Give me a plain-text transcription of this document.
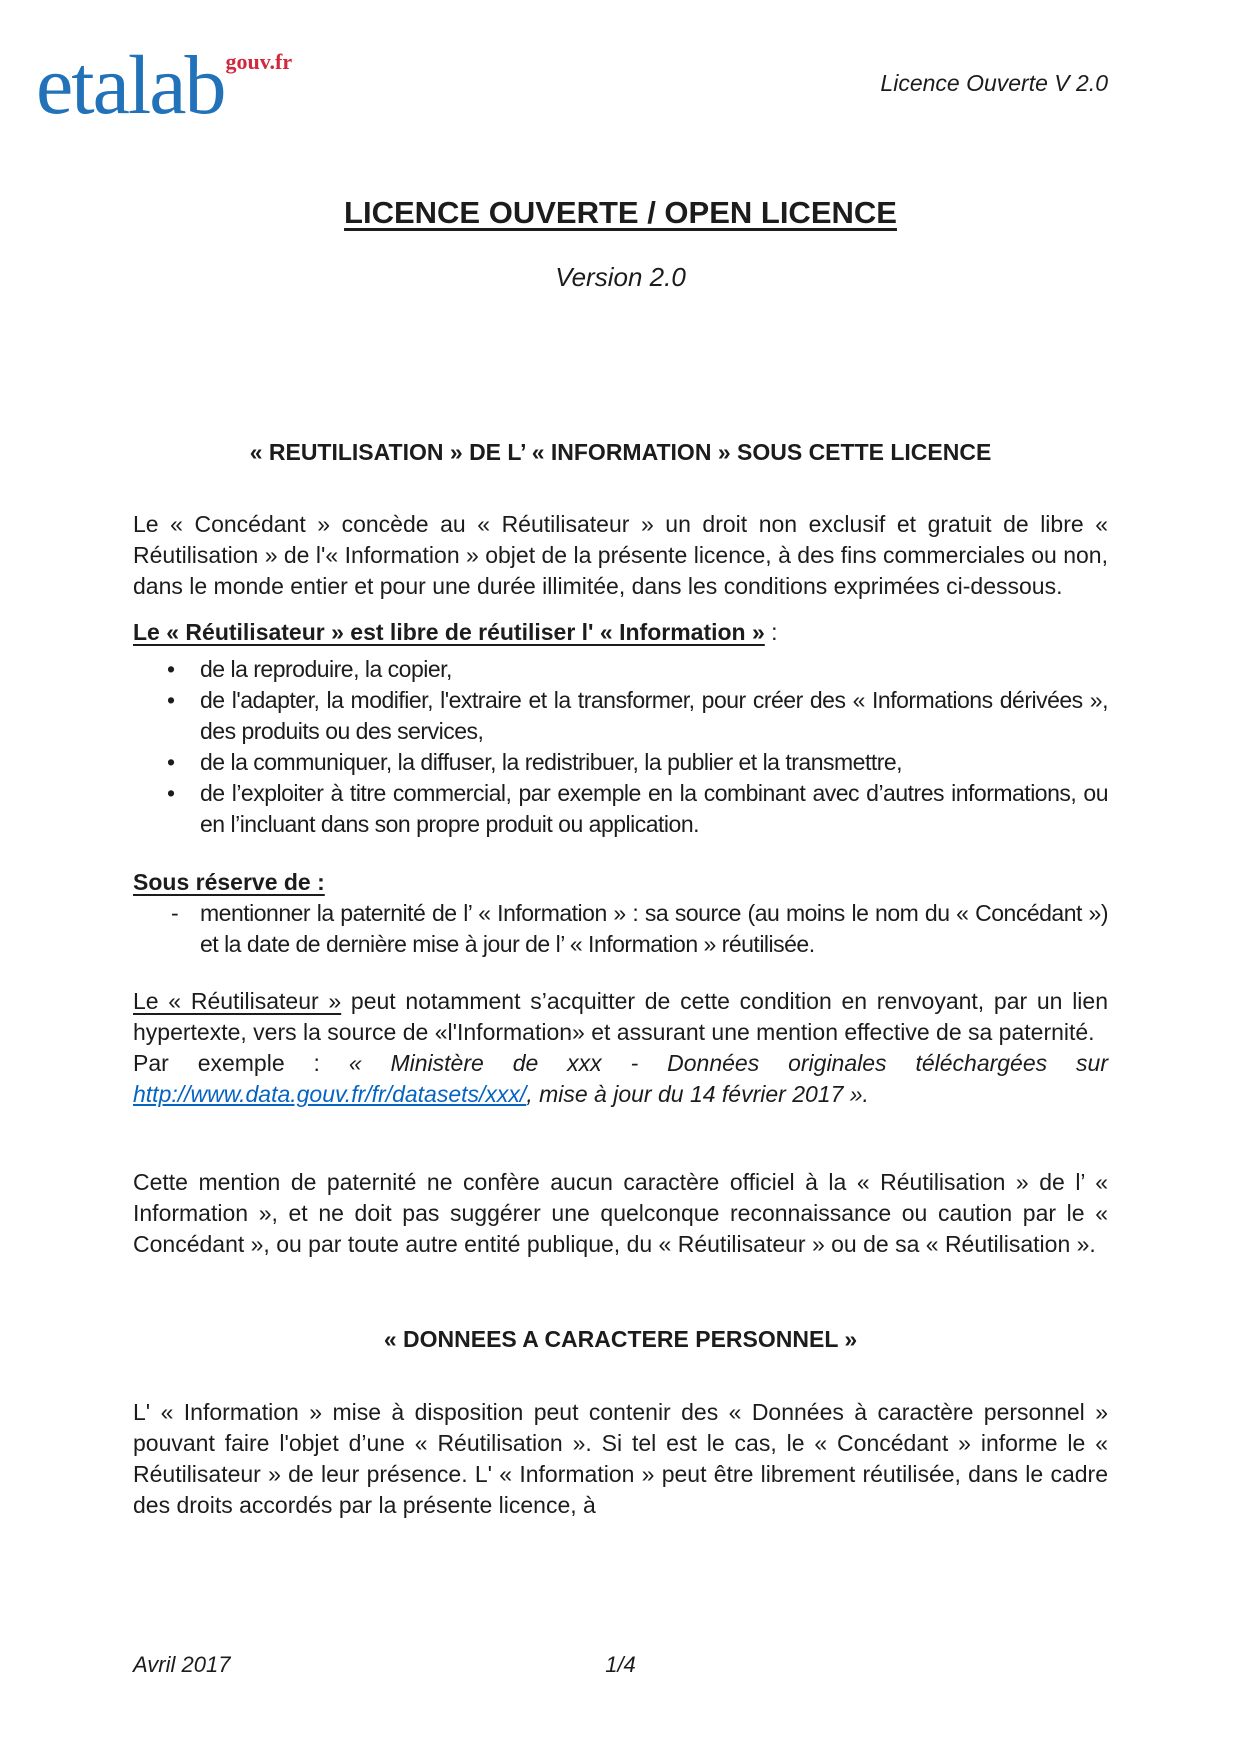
etalabgouv.fr
Licence Ouverte V 2.0
LICENCE OUVERTE / OPEN LICENCE
Version 2.0
« REUTILISATION » DE L’ « INFORMATION » SOUS CETTE LICENCE

Le « Concédant » concède au « Réutilisateur » un droit non exclusif et gratuit de libre « Réutilisation » de l'« Information » objet de la présente licence, à des fins commerciales ou non, dans le monde entier et pour une durée illimitée, dans les conditions exprimées ci-dessous.

Le « Réutilisateur » est libre de réutiliser l' « Information » :

• de la reproduire, la copier,
• de l'adapter, la modifier, l'extraire et la transformer, pour créer des « Informations dérivées », des produits ou des services,
• de la communiquer, la diffuser, la redistribuer, la publier et la transmettre,
• de l’exploiter à titre commercial, par exemple en la combinant avec d’autres informations, ou en l’incluant dans son propre produit ou application.

Sous réserve de :

- mentionner la paternité de l’ « Information » : sa source (au moins le nom du « Concédant ») et la date de dernière mise à jour de l’ « Information » réutilisée.

Le « Réutilisateur » peut notamment s’acquitter de cette condition en renvoyant, par un lien hypertexte, vers la source de «l'Information» et assurant une mention effective de sa paternité.

Par exemple : « Ministère de xxx - Données originales téléchargées sur http://www.data.gouv.fr/fr/datasets/xxx/, mise à jour du 14 février 2017 ».

Cette mention de paternité ne confère aucun caractère officiel à la « Réutilisation » de l’ « Information », et ne doit pas suggérer une quelconque reconnaissance ou caution par le « Concédant », ou par toute autre entité publique, du « Réutilisateur » ou de sa « Réutilisation ».

« DONNEES A CARACTERE PERSONNEL »

L' « Information » mise à disposition peut contenir des « Données à caractère personnel » pouvant faire l'objet d’une « Réutilisation ». Si tel est le cas, le « Concédant » informe le « Réutilisateur » de leur présence. L' « Information » peut être librement réutilisée, dans le cadre des droits accordés par la présente licence, à

Avril 2017	1/4
